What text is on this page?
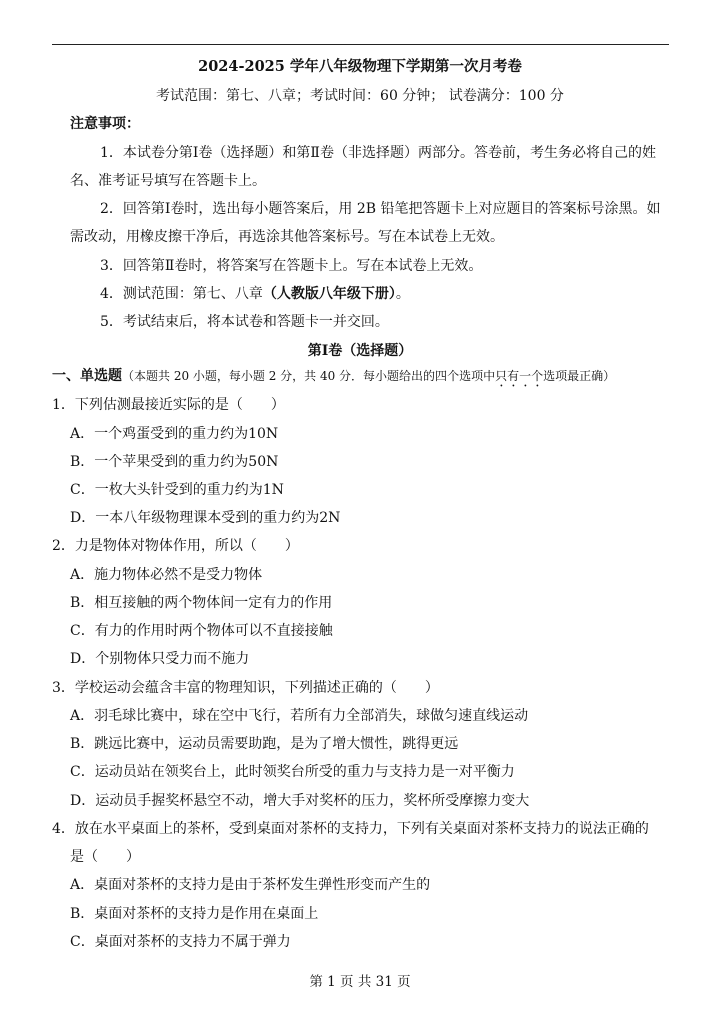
2024-2025 学年八年级物理下学期第一次月考卷
考试范围：第七、八章；考试时间：60 分钟； 试卷满分：100 分
注意事项：
1．本试卷分第Ⅰ卷（选择题）和第Ⅱ卷（非选择题）两部分。答卷前，考生务必将自己的姓
名、准考证号填写在答题卡上。
2．回答第Ⅰ卷时，选出每小题答案后，用 2B 铅笔把答题卡上对应题目的答案标号涂黑。如
需改动，用橡皮擦干净后，再选涂其他答案标号。写在本试卷上无效。
3．回答第Ⅱ卷时，将答案写在答题卡上。写在本试卷上无效。
4．测试范围：第七、八章（人教版八年级下册）。
5．考试结束后，将本试卷和答题卡一并交回。
第Ⅰ卷（选择题）
一、单选题（本题共 20 小题，每小题 2 分，共 40 分．每小题给出的四个选项中只有一个选项最正确）
1．下列估测最接近实际的是（　　）
A．一个鸡蛋受到的重力约为10N
B．一个苹果受到的重力约为50N
C．一枚大头针受到的重力约为1N
D．一本八年级物理课本受到的重力约为2N
2．力是物体对物体作用，所以（　　）
A．施力物体必然不是受力物体
B．相互接触的两个物体间一定有力的作用
C．有力的作用时两个物体可以不直接接触
D．个别物体只受力而不施力
3．学校运动会蕴含丰富的物理知识，下列描述正确的（　　）
A．羽毛球比赛中，球在空中飞行，若所有力全部消失，球做匀速直线运动
B．跳远比赛中，运动员需要助跑，是为了增大惯性，跳得更远
C．运动员站在领奖台上，此时领奖台所受的重力与支持力是一对平衡力
D．运动员手握奖杯悬空不动，增大手对奖杯的压力，奖杯所受摩擦力变大
4．放在水平桌面上的茶杯，受到桌面对茶杯的支持力，下列有关桌面对茶杯支持力的说法正确的
是（　　）
A．桌面对茶杯的支持力是由于茶杯发生弹性形变而产生的
B．桌面对茶杯的支持力是作用在桌面上
C．桌面对茶杯的支持力不属于弹力
第 1 页 共 31 页
